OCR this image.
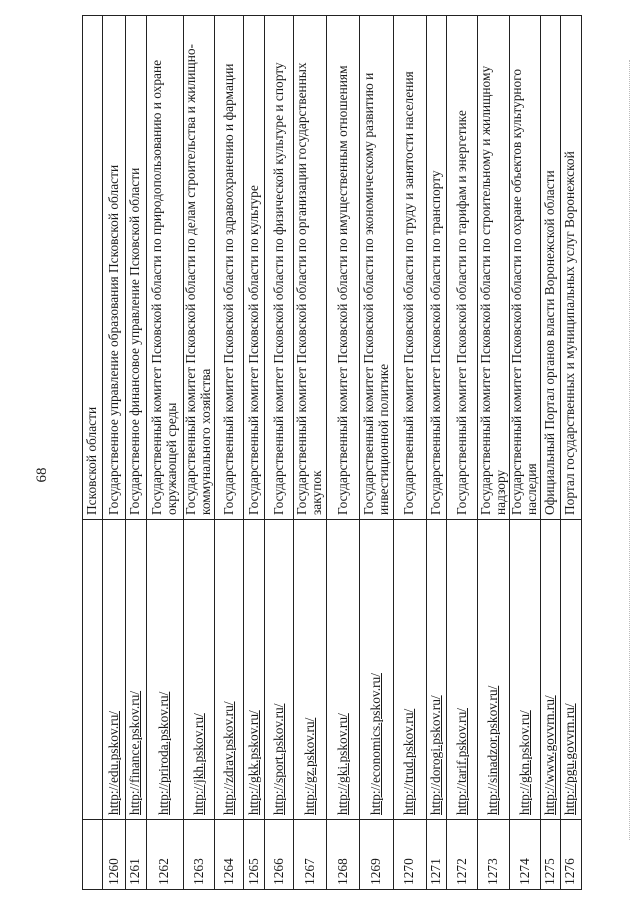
68	Псковской области
1260
http://edu.pskov.ru/
Государственное управление образования Псковской области
1261
http://finance.pskov.ru/
Государственное финансовое управление Псковской области
1262
http://priroda.pskov.ru/
Государственный комитет Псковской области по природопользованию и охране окружающей среды
1263
http://jkh.pskov.ru/
Государственный комитет Псковской области по делам строительства и жилищно-коммунального хозяйства
1264
http://zdrav.pskov.ru/
Государственный комитет Псковской области по здравоохранению и фармации
1265
http://gkk.pskov.ru/
Государственный комитет Псковской области по культуре
1266
http://sport.pskov.ru/
Государственный комитет Псковской области по физической культуре и спорту
1267
http://gz.pskov.ru/
Государственный комитет Псковской области по организации государственных закупок
1268
http://gki.pskov.ru/
Государственный комитет Псковской области по имущественным отношениям
1269
http://economics.pskov.ru/
Государственный комитет Псковской области по экономическому развитию и инвестиционной политике
1270
http://trud.pskov.ru/
Государственный комитет Псковской области по труду и занятости населения
1271
http://dorogi.pskov.ru/
Государственный комитет Псковской области по транспорту
1272
http://tarif.pskov.ru/
Государственный комитет Псковской области по тарифам и энергетике
1273
http://sinadzor.pskov.ru/
Государственный комитет Псковской области по строительному и жилищному надзору
1274
http://gkn.pskov.ru/
Государственный комитет Псковской области по охране объектов культурного наследия
1275
http://www.govvrn.ru/
Официальный Портал органов власти Воронежской области
1276
http://pgu.govvrn.ru/
Портал государственных и муниципальных услуг Воронежской
